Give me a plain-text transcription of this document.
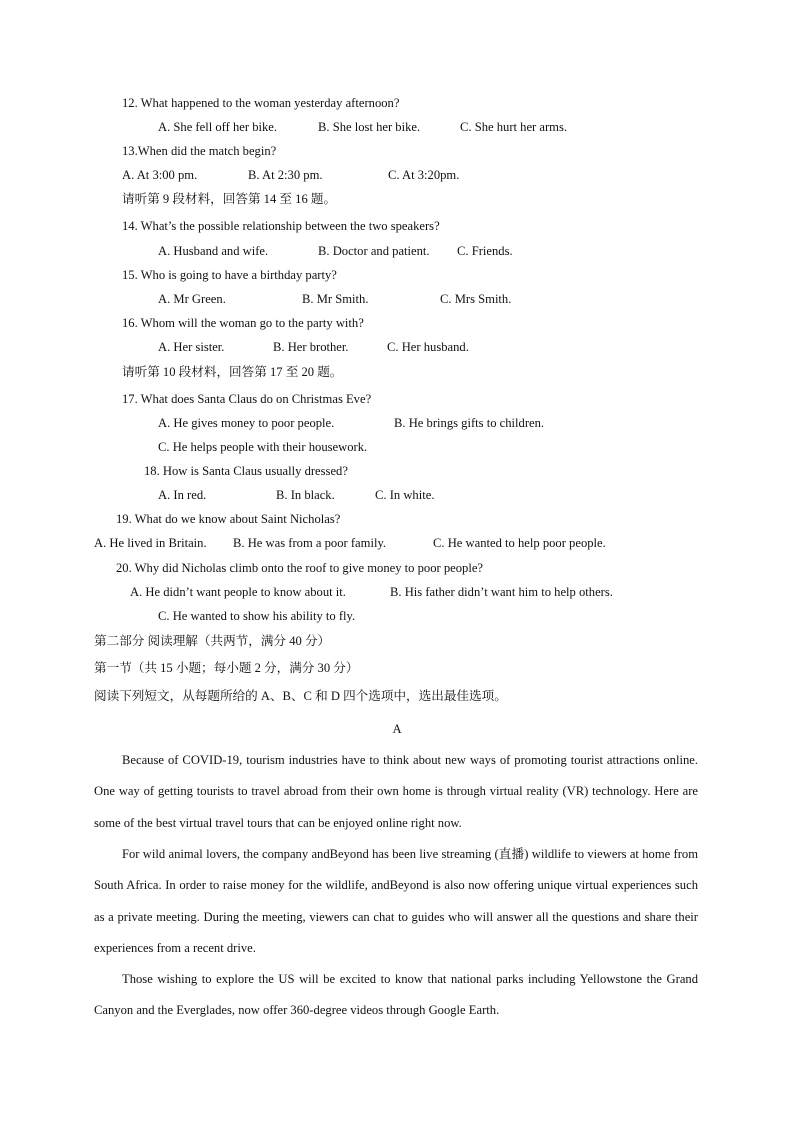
12. What happened to the woman yesterday afternoon?
A. She fell off her bike.	B. She lost her bike.	C. She hurt her arms.
13.When did the match begin?
A. At 3:00 pm.	B. At 2:30 pm.	C. At 3:20pm.
请听第 9 段材料，回答第 14 至 16 题。
14. What’s the possible relationship between the two speakers?
A. Husband and wife.	B. Doctor and patient. C. Friends.
15. Who is going to have a birthday party?
A. Mr Green.	B. Mr Smith.	C. Mrs Smith.
16. Whom will the woman go to the party with?
A. Her sister.	B. Her brother.	C. Her husband.
请听第 10 段材料，回答第 17 至 20 题。
17. What does Santa Claus do on Christmas Eve?
A. He gives money to poor people.	B. He brings gifts to children.
C. He helps people with their housework.
18. How is Santa Claus usually dressed?
A. In red.	B. In black.	C. In white.
19. What do we know about Saint Nicholas?
A. He lived in Britain. B. He was from a poor family.	C. He wanted to help poor people.
20. Why did Nicholas climb onto the roof to give money to poor people?
A. He didn’t want people to know about it.	B. His father didn’t want him to help others.
C. He wanted to show his ability to fly.
第二部分 阅读理解（共两节，满分 40 分）
第一节（共 15 小题；每小题 2 分，满分 30 分）
阅读下列短文，从每题所给的 A、B、C 和 D 四个选项中，选出最佳选项。
A
Because of COVID-19, tourism industries have to think about new ways of promoting tourist attractions online. One way of getting tourists to travel abroad from their own home is through virtual reality (VR) technology. Here are some of the best virtual travel tours that can be enjoyed online right now.
For wild animal lovers, the company andBeyond has been live streaming (直播) wildlife to viewers at home from South Africa. In order to raise money for the wildlife, andBeyond is also now offering unique virtual experiences such as a private meeting. During the meeting, viewers can chat to guides who will answer all the questions and share their experiences from a recent drive.
Those wishing to explore the US will be excited to know that national parks including Yellowstone the Grand Canyon and the Everglades, now offer 360-degree videos through Google Earth.
